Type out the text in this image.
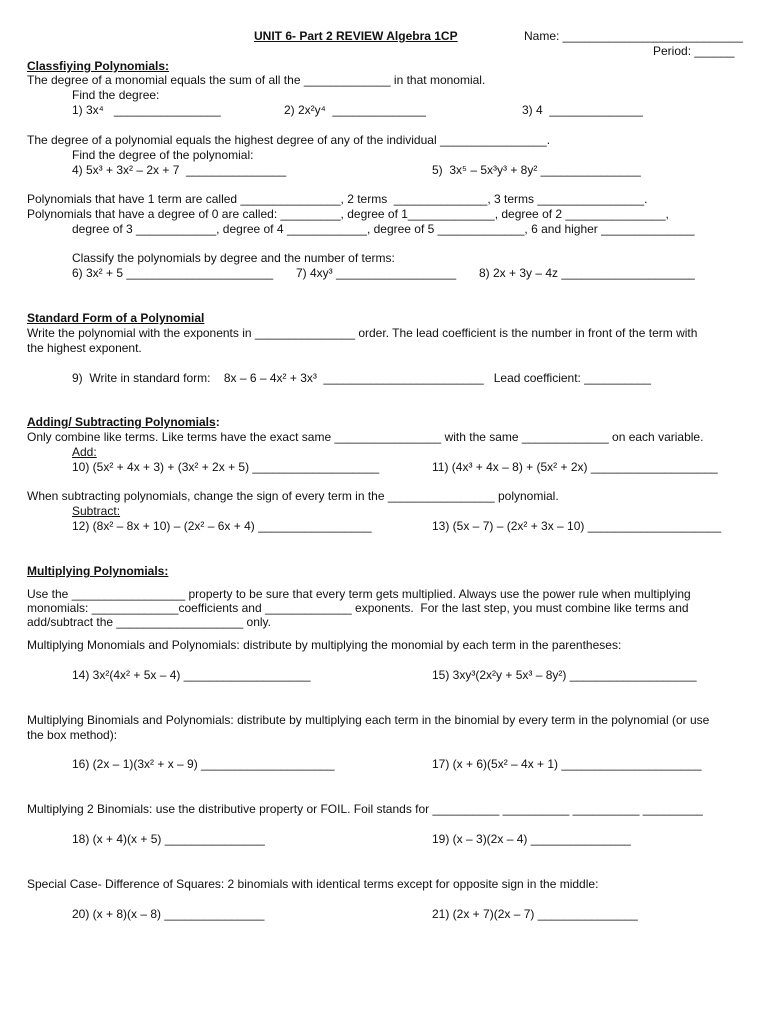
UNIT 6- Part 2 REVIEW Algebra 1CP	Name: ___________________________
Period: ______
Classfiying Polynomials:
The degree of a monomial equals the sum of all the _____________ in that monomial.
Find the degree:
1) 3x⁴   ________________	2) 2x²y⁴  ______________	3) 4  ______________
The degree of a polynomial equals the highest degree of any of the individual ________________.
Find the degree of the polynomial:
4) 5x³ + 3x² – 2x + 7  _______________	5)  3x⁵ – 5x³y³ + 8y² _______________
Polynomials that have 1 term are called _______________, 2 terms  ______________, 3 terms ________________.
Polynomials that have a degree of 0 are called: _________, degree of 1_____________, degree of 2 _______________,
degree of 3 ____________, degree of 4 ____________, degree of 5 _____________, 6 and higher ______________
Classify the polynomials by degree and the number of terms:
6) 3x² + 5 ______________________ 7) 4xy³ __________________ 8) 2x + 3y – 4z ____________________
Standard Form of a Polynomial
Write the polynomial with the exponents in _______________ order. The lead coefficient is the number in front of the term with
the highest exponent.
9)  Write in standard form:    8x – 6 – 4x² + 3x³  ________________________   Lead coefficient: __________
Adding/ Subtracting Polynomials:
Only combine like terms. Like terms have the exact same ________________ with the same _____________ on each variable.
Add:
10) (5x² + 4x + 3) + (3x² + 2x + 5) ___________________	11) (4x³ + 4x – 8) + (5x² + 2x) ___________________
When subtracting polynomials, change the sign of every term in the ________________ polynomial.
Subtract:
12) (8x² – 8x + 10) – (2x² – 6x + 4) _________________	13) (5x – 7) – (2x² + 3x – 10) ____________________
Multiplying Polynomials:
Use the _________________ property to be sure that every term gets multiplied. Always use the power rule when multiplying
monomials: _____________coefficients and _____________ exponents.  For the last step, you must combine like terms and
add/subtract the ___________________ only.
Multiplying Monomials and Polynomials: distribute by multiplying the monomial by each term in the parentheses:
14) 3x²(4x² + 5x – 4) ___________________	15) 3xy³(2x²y + 5x³ – 8y²) ___________________
Multiplying Binomials and Polynomials: distribute by multiplying each term in the binomial by every term in the polynomial (or use
the box method):
16) (2x – 1)(3x² + x – 9) ____________________	17) (x + 6)(5x² – 4x + 1) _____________________
Multiplying 2 Binomials: use the distributive property or FOIL. Foil stands for __________ __________ __________ _________
18) (x + 4)(x + 5) _______________	19) (x – 3)(2x – 4) _______________
Special Case- Difference of Squares: 2 binomials with identical terms except for opposite sign in the middle:
20) (x + 8)(x – 8) _______________	21) (2x + 7)(2x – 7) _______________
